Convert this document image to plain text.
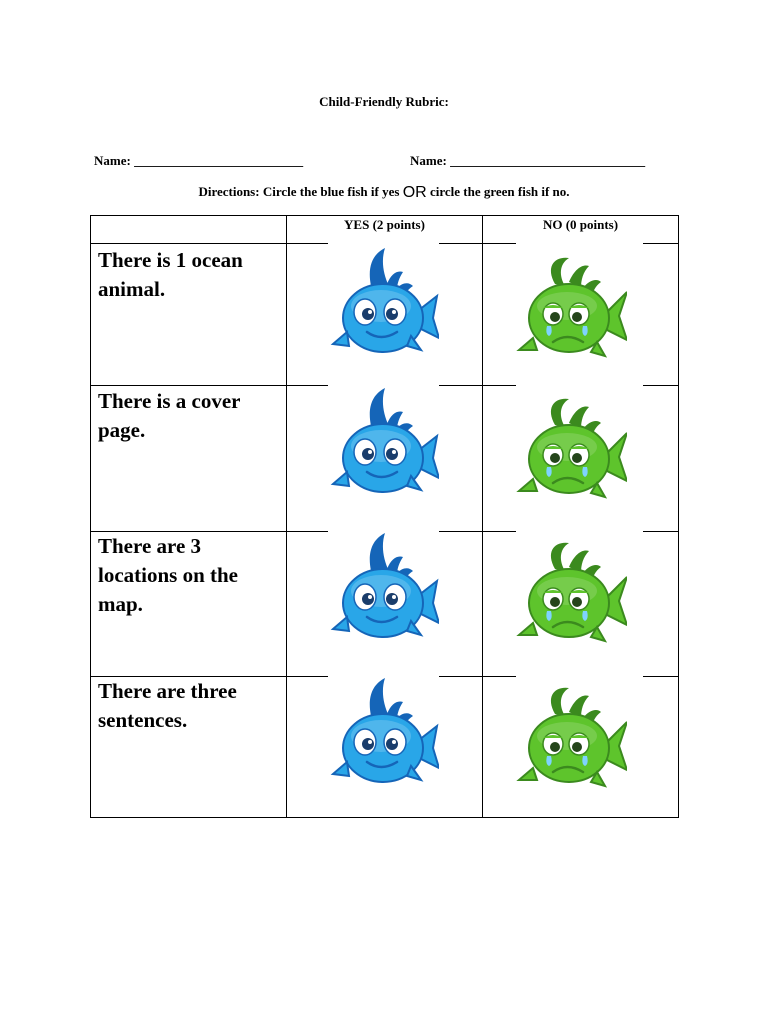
Child-Friendly Rubric:
Name: __________________________	Name: ______________________________
Directions: Circle the blue fish if yes OR circle the green fish if no.
YES (2 points)	NO (0 points)
There is 1 ocean animal.
There is a cover page.
There are 3 locations on the map.
There are three sentences.
